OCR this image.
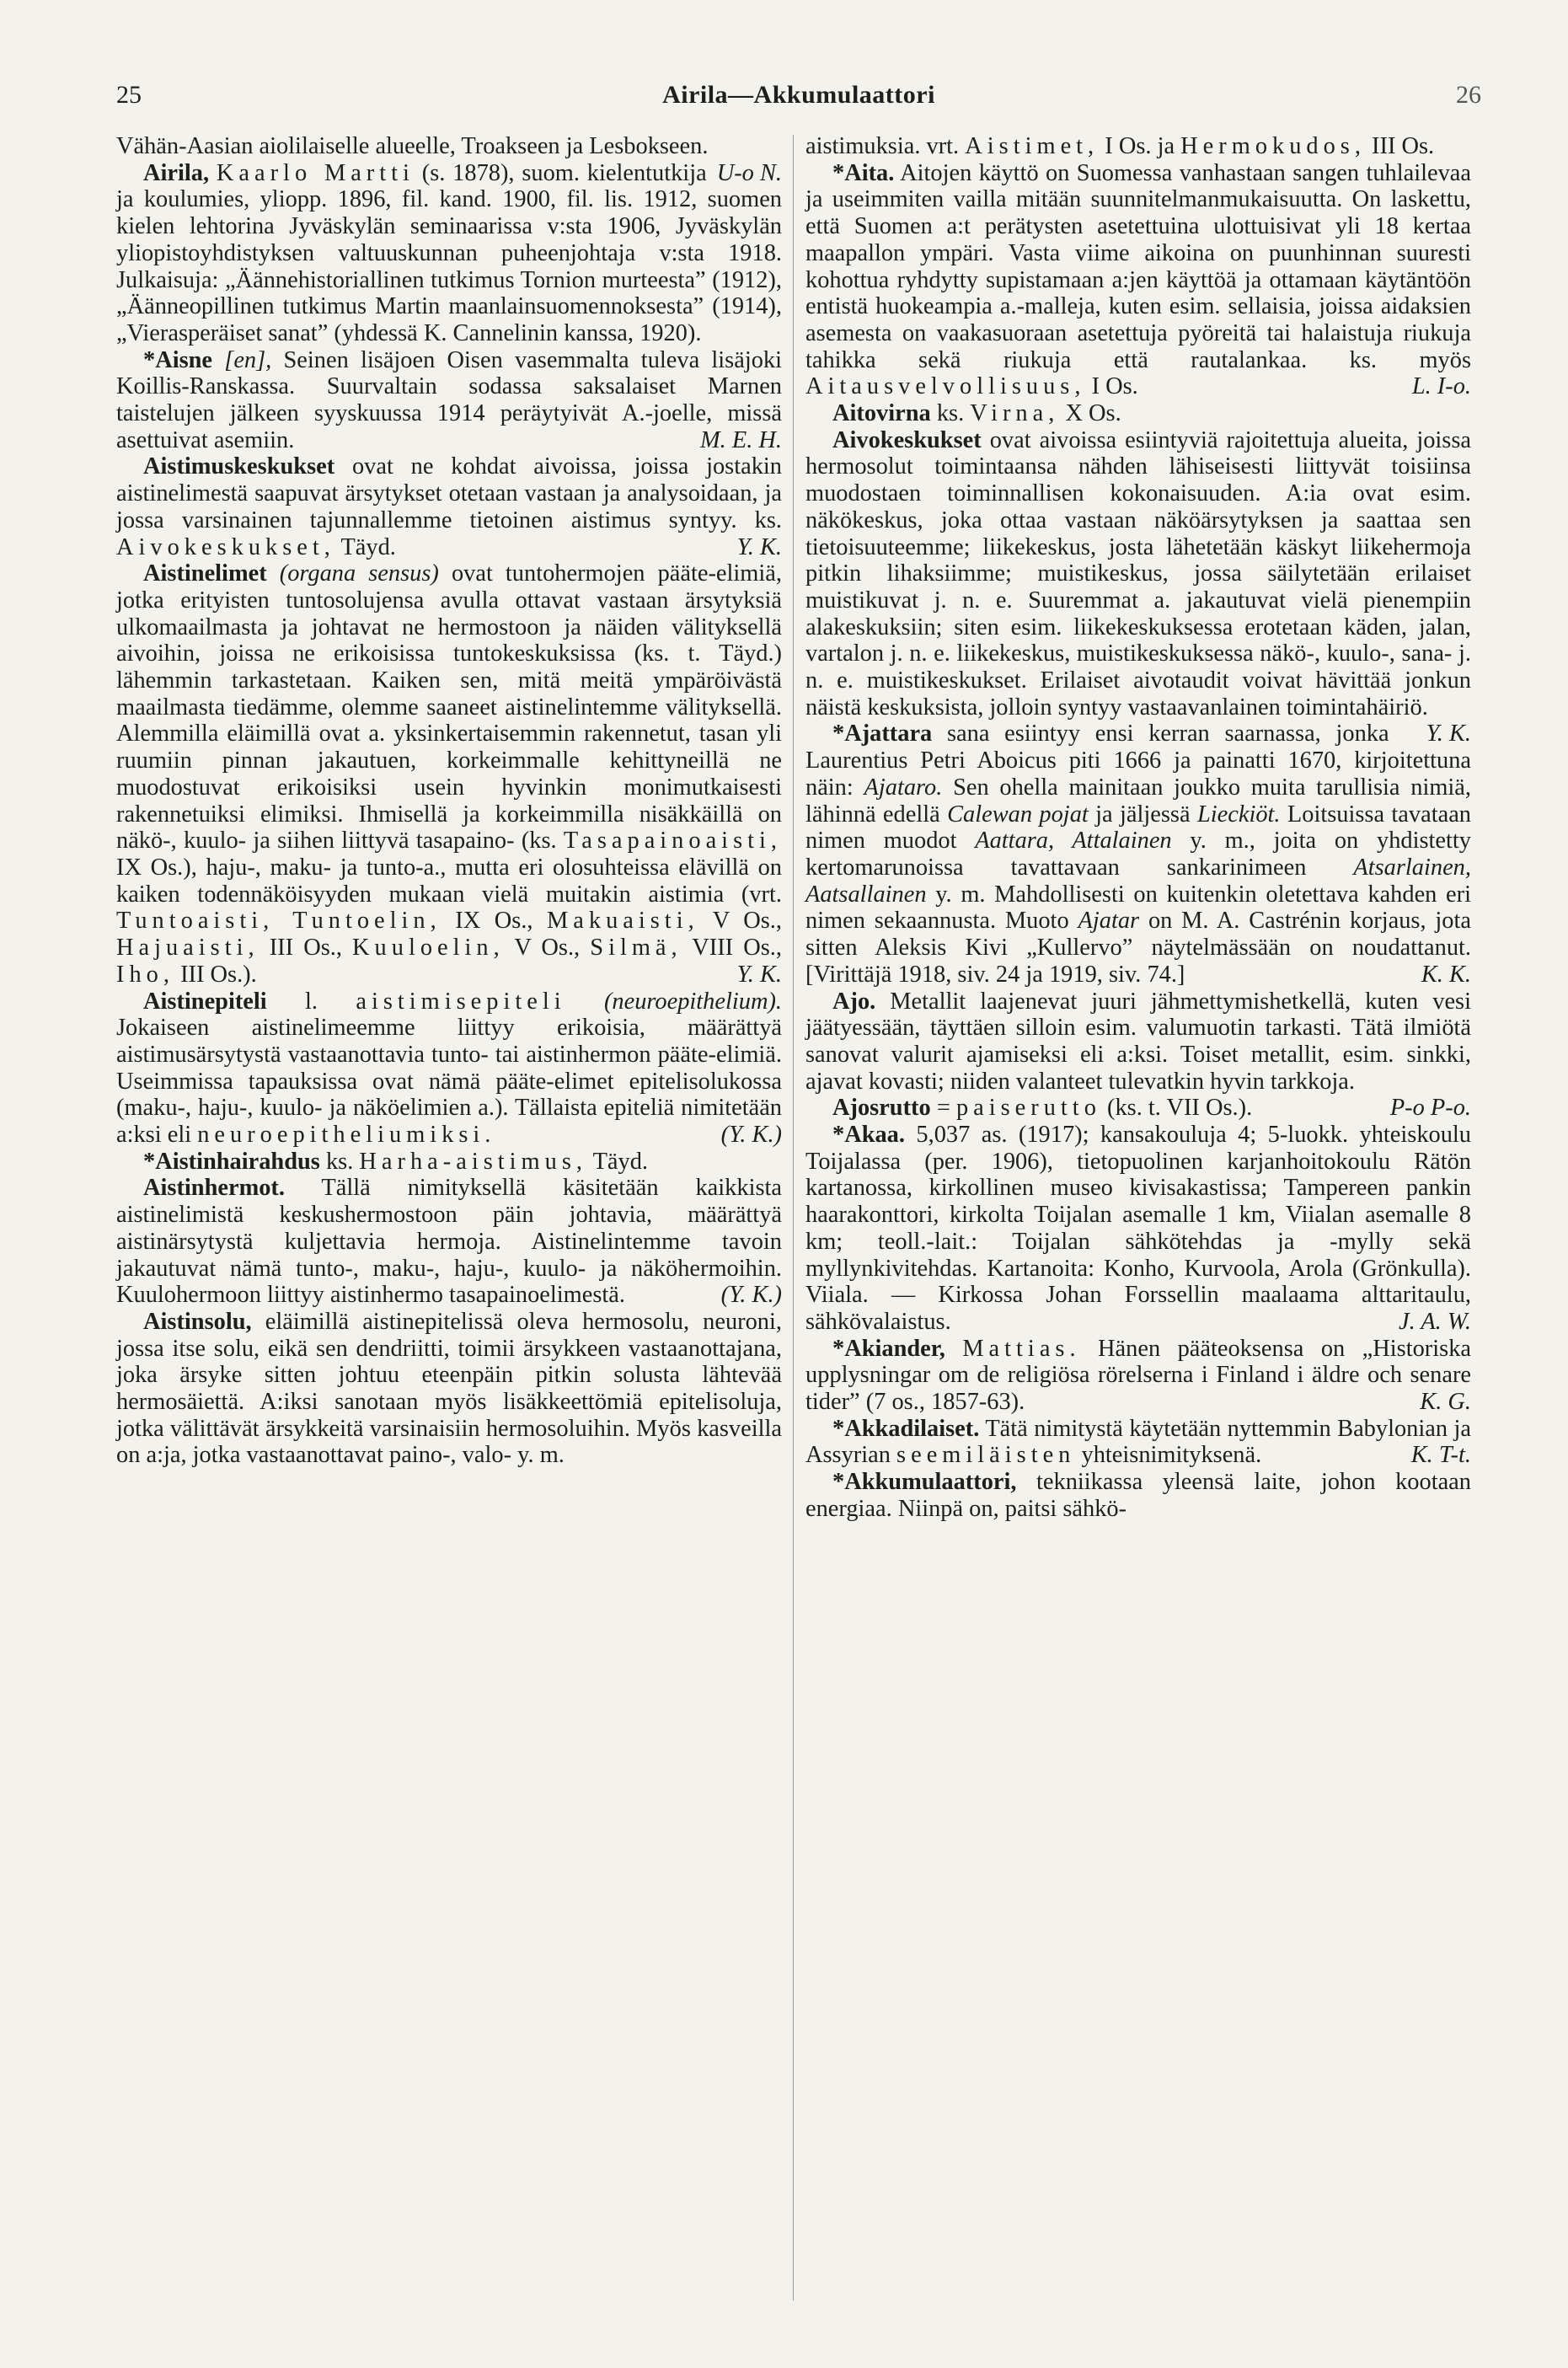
25	Airila—Akkumulaattori	26

Vähän-Aasian aiolilaiselle alueelle, Troakseen ja Lesbokseen.
U-o N.

Airila, Kaarlo Martti (s. 1878), suom. kielentutkija ja koulumies, yliopp. 1896, fil. kand. 1900, fil. lis. 1912, suomen kielen lehtorina Jyväskylän seminaarissa v:sta 1906, Jyväskylän yliopistoyhdistyksen valtuuskunnan puheenjohtaja v:sta 1918. Julkaisuja: „Äännehistoriallinen tutkimus Tornion murteesta” (1912), „Äänneopillinen tutkimus Martin maanlainsuomennoksesta” (1914), „Vierasperäiset sanat” (yhdessä K. Cannelinin kanssa, 1920).

*Aisne [en], Seinen lisäjoen Oisen vasemmalta tuleva lisäjoki Koillis-Ranskassa. Suurvaltain sodassa saksalaiset Marnen taistelujen jälkeen syyskuussa 1914 peräytyivät A.-joelle, missä asettuivat asemiin.	M. E. H.

Aistimuskeskukset ovat ne kohdat aivoissa, joissa jostakin aistinelimestä saapuvat ärsytykset otetaan vastaan ja analysoidaan, ja jossa varsinainen tajunnallemme tietoinen aistimus syntyy. ks. Aivokeskukset, Täyd.	Y. K.

Aistinelimet (organa sensus) ovat tuntohermojen pääte-elimiä, jotka erityisten tuntosolujensa avulla ottavat vastaan ärsytyksiä ulkomaailmasta ja johtavat ne hermostoon ja näiden välityksellä aivoihin, joissa ne erikoisissa tuntokeskuksissa (ks. t. Täyd.) lähemmin tarkastetaan. Kaiken sen, mitä meitä ympäröivästä maailmasta tiedämme, olemme saaneet aistinelintemme välityksellä. Alemmilla eläimillä ovat a. yksinkertaisemmin rakennetut, tasan yli ruumiin pinnan jakautuen, korkeimmalle kehittyneillä ne muodostuvat erikoisiksi usein hyvinkin monimutkaisesti rakennetuiksi elimiksi. Ihmisellä ja korkeimmilla nisäkkäillä on näkö-, kuulo- ja siihen liittyvä tasapaino- (ks. Tasapainoaisti, IX Os.), haju-, maku- ja tunto-a., mutta eri olosuhteissa elävillä on kaiken todennäköisyyden mukaan vielä muitakin aistimia (vrt. Tuntoaisti, Tuntoelin, IX Os., Makuaisti, V Os., Hajuaisti, III Os., Kuuloelin, V Os., Silmä, VIII Os., Iho, III Os.).	Y. K.

Aistinepiteli l. aistimisepiteli (neuroepithelium). Jokaiseen aistinelimeemme liittyy erikoisia, määrättyä aistimusärsytystä vastaanottavia tunto- tai aistinhermon pääte-elimiä. Useimmissa tapauksissa ovat nämä pääte-elimet epitelisolukossa (maku-, haju-, kuulo- ja näköelimien a.). Tällaista epiteliä nimitetään a:ksi eli neuroepitheliumiksi.	(Y. K.)

*Aistinhairahdus ks. Harha-aistimus, Täyd.

Aistinhermot. Tällä nimityksellä käsitetään kaikkista aistinelimistä keskushermostoon päin johtavia, määrättyä aistinärsytystä kuljettavia hermoja. Aistinelintemme tavoin jakautuvat nämä tunto-, maku-, haju-, kuulo- ja näköhermoihin. Kuulohermoon liittyy aistinhermo tasapainoelimestä.	(Y. K.)

Aistinsolu, eläimillä aistinepitelissä oleva hermosolu, neuroni, jossa itse solu, eikä sen dendriitti, toimii ärsykkeen vastaanottajana, joka ärsyke sitten johtuu eteenpäin pitkin solusta lähtevää hermosäiettä. A:iksi sanotaan myös lisäkkeettömiä epitelisoluja, jotka välittävät ärsykkeitä varsinaisiin hermosoluihin. Myös kasveilla on a:ja, jotka vastaanottavat paino-, valo- y. m.

aistimuksia. vrt. Aistimet, I Os. ja Hermokudos, III Os.

*Aita. Aitojen käyttö on Suomessa vanhastaan sangen tuhlailevaa ja useimmiten vailla mitään suunnitelmanmukaisuutta. On laskettu, että Suomen a:t perätysten asetettuina ulottuisivat yli 18 kertaa maapallon ympäri. Vasta viime aikoina on puunhinnan suuresti kohottua ryhdytty supistamaan a:jen käyttöä ja ottamaan käytäntöön entistä huokeampia a.-malleja, kuten esim. sellaisia, joissa aidaksien asemesta on vaakasuoraan asetettuja pyöreitä tai halaistuja riukuja tahikka sekä riukuja että rautalankaa. ks. myös Aitausvelvollisuus, I Os.	L. I-o.

Aitovirna ks. Virna, X Os.

Aivokeskukset ovat aivoissa esiintyviä rajoitettuja alueita, joissa hermosolut toimintaansa nähden lähiseisesti liittyvät toisiinsa muodostaen toiminnallisen kokonaisuuden. A:ia ovat esim. näkökeskus, joka ottaa vastaan näköärsytyksen ja saattaa sen tietoisuuteemme; liikekeskus, josta lähetetään käskyt liikehermoja pitkin lihaksiimme; muistikeskus, jossa säilytetään erilaiset muistikuvat j. n. e. Suuremmat a. jakautuvat vielä pienempiin alakeskuksiin; siten esim. liikekeskuksessa erotetaan käden, jalan, vartalon j. n. e. liikekeskus, muistikeskuksessa näkö-, kuulo-, sana- j. n. e. muistikeskukset. Erilaiset aivotaudit voivat hävittää jonkun näistä keskuksista, jolloin syntyy vastaavanlainen toimintahäiriö.
Y. K.

*Ajattara sana esiintyy ensi kerran saarnassa, jonka Laurentius Petri Aboicus piti 1666 ja painatti 1670, kirjoitettuna näin: Ajataro. Sen ohella mainitaan joukko muita tarullisia nimiä, lähinnä edellä Calewan pojat ja jäljessä Lieckiöt. Loitsuissa tavataan nimen muodot Aattara, Attalainen y. m., joita on yhdistetty kertomarunoissa tavattavaan sankarinimeen Atsarlainen, Aatsallainen y. m. Mahdollisesti on kuitenkin oletettava kahden eri nimen sekaannusta. Muoto Ajatar on M. A. Castrénin korjaus, jota sitten Aleksis Kivi „Kullervo” näytelmässään on noudattanut. [Virittäjä 1918, siv. 24 ja 1919, siv. 74.]	K. K.

Ajo. Metallit laajenevat juuri jähmettymishetkellä, kuten vesi jäätyessään, täyttäen silloin esim. valumuotin tarkasti. Tätä ilmiötä sanovat valurit ajamiseksi eli a:ksi. Toiset metallit, esim. sinkki, ajavat kovasti; niiden valanteet tulevatkin hyvin tarkkoja.
P-o P-o.

Ajosrutto = paiserutto (ks. t. VII Os.).

*Akaa. 5,037 as. (1917); kansakouluja 4; 5-luokk. yhteiskoulu Toijalassa (per. 1906), tietopuolinen karjanhoitokoulu Rätön kartanossa, kirkollinen museo kivisakastissa; Tampereen pankin haarakonttori, kirkolta Toijalan asemalle 1 km, Viialan asemalle 8 km; teoll.-lait.: Toijalan sähkötehdas ja -mylly sekä myllynkivitehdas. Kartanoita: Konho, Kurvoola, Arola (Grönkulla). Viiala. — Kirkossa Johan Forssellin maalaama alttaritaulu, sähkövalaistus.	J. A. W.

*Akiander, Mattias. Hänen pääteoksensa on „Historiska upplysningar om de religiösa rörelserna i Finland i äldre och senare tider” (7 os., 1857-63).	K. G.

*Akkadilaiset. Tätä nimitystä käytetään nyttemmin Babylonian ja Assyrian seemiläisten yhteisnimityksenä.	K. T-t.

*Akkumulaattori, tekniikassa yleensä laite, johon kootaan energiaa. Niinpä on, paitsi sähkö-
